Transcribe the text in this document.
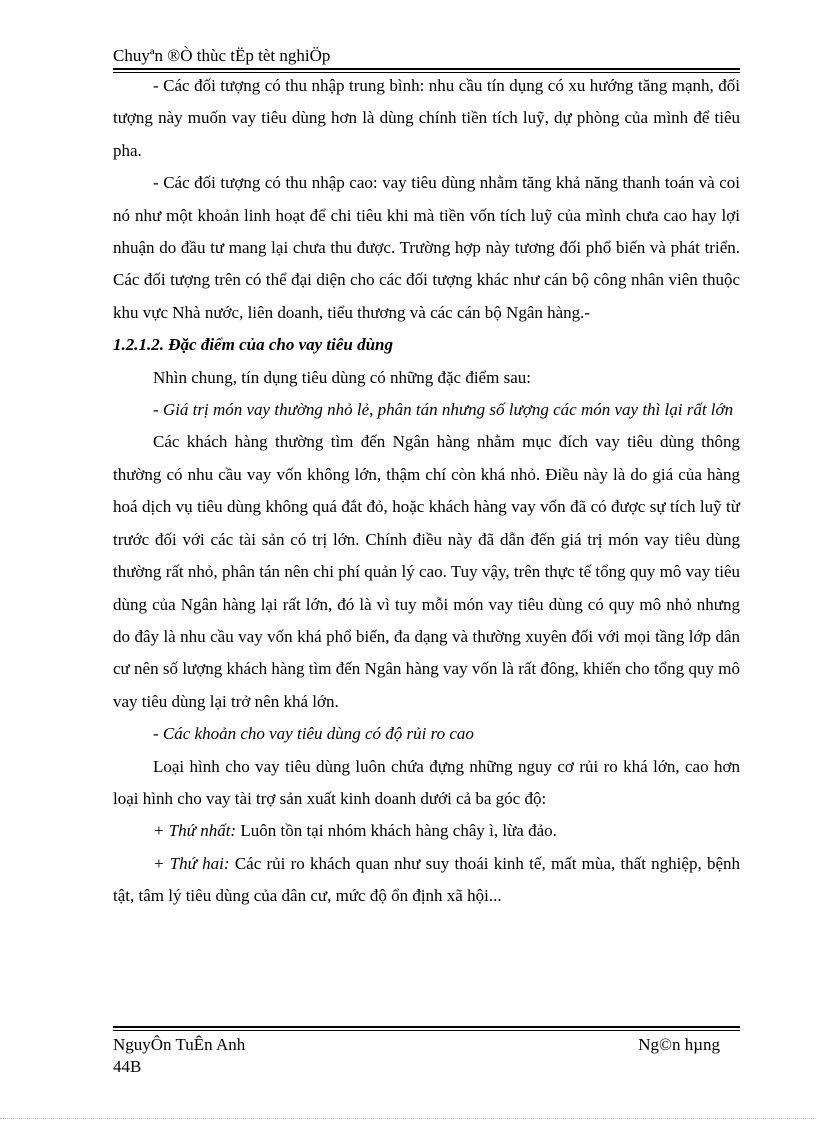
Chuyªn ®Ò thùc tËp tèt nghiÖp

- Các đối tượng có thu nhập trung bình: nhu cầu tín dụng có xu hướng tăng mạnh, đối tượng này muốn vay tiêu dùng hơn là dùng chính tiền tích luỹ, dự phòng của mình để tiêu pha.

- Các đối tượng có thu nhập cao: vay tiêu dùng nhằm tăng khả năng thanh toán và coi nó như một khoản linh hoạt để chi tiêu khi mà tiền vốn tích luỹ của mình chưa cao hay lợi nhuận do đầu tư mang lại chưa thu được. Trường hợp này tương đối phổ biến và phát triển. Các đối tượng trên có thể đại diện cho các đối tượng khác như cán bộ công nhân viên thuộc khu vực Nhà nước, liên doanh, tiểu thương và các cán bộ Ngân hàng.-

1.2.1.2. Đặc điểm của cho vay tiêu dùng

Nhìn chung, tín dụng tiêu dùng có những đặc điểm sau:

- Giá trị món vay thường nhỏ lẻ, phân tán nhưng số lượng các món vay thì lại rất lớn

Các khách hàng thường tìm đến Ngân hàng nhằm mục đích vay tiêu dùng thông thường có nhu cầu vay vốn không lớn, thậm chí còn khá nhỏ. Điều này là do giá của hàng hoá dịch vụ tiêu dùng không quá đắt đỏ, hoặc khách hàng vay vốn đã có được sự tích luỹ từ trước đối với các tài sản có trị lớn. Chính điều này đã dẫn đến giá trị món vay tiêu dùng thường rất nhỏ, phân tán nên chi phí quản lý cao. Tuy vậy, trên thực tế tổng quy mô vay tiêu dùng của Ngân hàng lại rất lớn, đó là vì tuy mỗi món vay tiêu dùng có quy mô nhỏ nhưng do đây là nhu cầu vay vốn khá phổ biến, đa dạng và thường xuyên đối với mọi tầng lớp dân cư nên số lượng khách hàng tìm đến Ngân hàng vay vốn là rất đông, khiến cho tổng quy mô vay tiêu dùng lại trở nên khá lớn.

- Các khoản cho vay tiêu dùng có độ rủi ro cao

Loại hình cho vay tiêu dùng luôn chứa đựng những nguy cơ rủi ro khá lớn, cao hơn loại hình cho vay tài trợ sản xuất kinh doanh dưới cả ba góc độ:

+ Thứ nhất: Luôn tồn tại nhóm khách hàng chây ì, lừa đảo.

+ Thứ hai: Các rủi ro khách quan như suy thoái kinh tế, mất mùa, thất nghiệp, bệnh tật, tâm lý tiêu dùng của dân cư, mức độ ổn định xã hội...

NguyÔn TuÊn Anh	Ng©n hµng
44B
